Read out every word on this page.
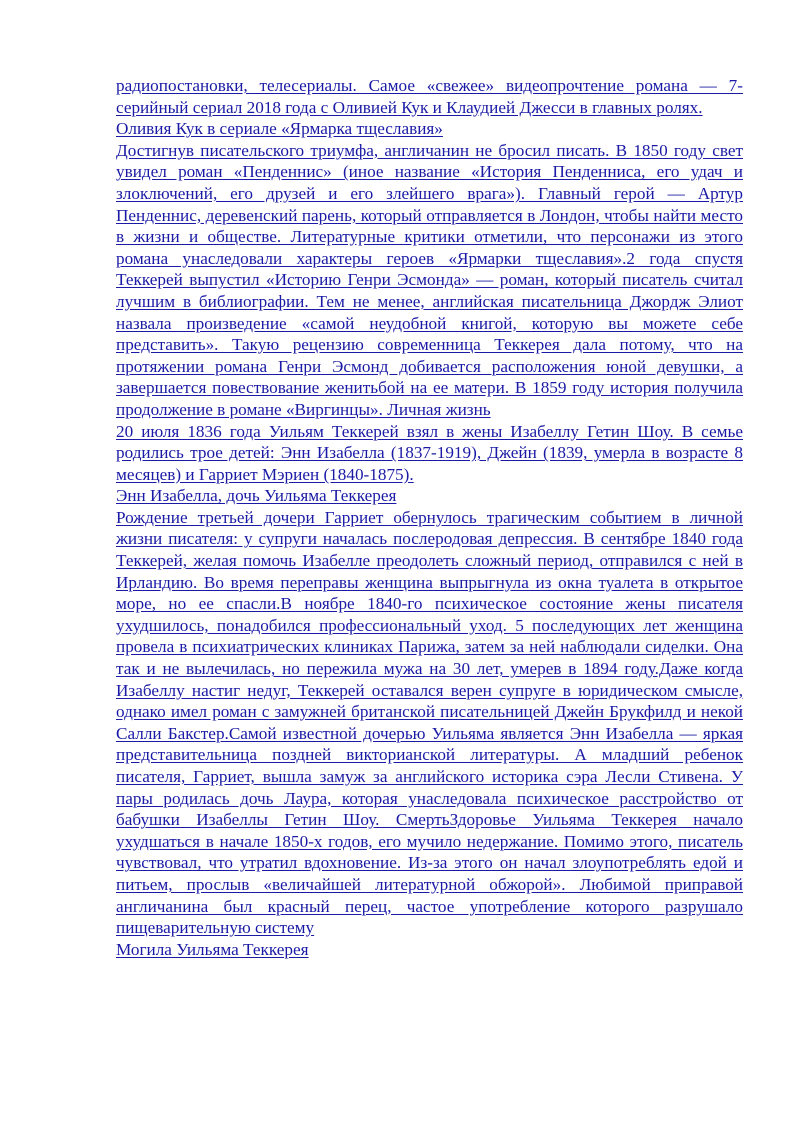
радиопостановки, телесериалы. Самое «свежее» видеопрочтение романа — 7-серийный сериал 2018 года с Оливией Кук и Клаудией Джесси в главных ролях.

Оливия Кук в сериале «Ярмарка тщеславия»

Достигнув писательского триумфа, англичанин не бросил писать. В 1850 году свет увидел роман «Пенденнис» (иное название «История Пенденниса, его удач и злоключений, его друзей и его злейшего врага»). Главный герой — Артур Пенденнис, деревенский парень, который отправляется в Лондон, чтобы найти место в жизни и обществе. Литературные критики отметили, что персонажи из этого романа унаследовали характеры героев «Ярмарки тщеславия».2 года спустя Теккерей выпустил «Историю Генри Эсмонда» — роман, который писатель считал лучшим в библиографии. Тем не менее, английская писательница Джордж Элиот назвала произведение «самой неудобной книгой, которую вы можете себе представить». Такую рецензию современница Теккерея дала потому, что на протяжении романа Генри Эсмонд добивается расположения юной девушки, а завершается повествование женитьбой на ее матери. В 1859 году история получила продолжение в романе «Виргинцы». Личная жизнь

20 июля 1836 года Уильям Теккерей взял в жены Изабеллу Гетин Шоу. В семье родились трое детей: Энн Изабелла (1837-1919), Джейн (1839, умерла в возрасте 8 месяцев) и Гарриет Мэриен (1840-1875).

Энн Изабелла, дочь Уильяма Теккерея

Рождение третьей дочери Гарриет обернулось трагическим событием в личной жизни писателя: у супруги началась послеродовая депрессия. В сентябре 1840 года Теккерей, желая помочь Изабелле преодолеть сложный период, отправился с ней в Ирландию. Во время переправы женщина выпрыгнула из окна туалета в открытое море, но ее спасли.В ноябре 1840-го психическое состояние жены писателя ухудшилось, понадобился профессиональный уход. 5 последующих лет женщина провела в психиатрических клиниках Парижа, затем за ней наблюдали сиделки. Она так и не вылечилась, но пережила мужа на 30 лет, умерев в 1894 году.Даже когда Изабеллу настиг недуг, Теккерей оставался верен супруге в юридическом смысле, однако имел роман с замужней британской писательницей Джейн Брукфилд и некой Салли Бакстер.Самой известной дочерью Уильяма является Энн Изабелла — яркая представительница поздней викторианской литературы. А младший ребенок писателя, Гарриет, вышла замуж за английского историка сэра Лесли Стивена. У пары родилась дочь Лаура, которая унаследовала психическое расстройство от бабушки Изабеллы Гетин Шоу. СмертьЗдоровье Уильяма Теккерея начало ухудшаться в начале 1850-х годов, его мучило недержание. Помимо этого, писатель чувствовал, что утратил вдохновение. Из-за этого он начал злоупотреблять едой и питьем, прослыв «величайшей литературной обжорой». Любимой приправой англичанина был красный перец, частое употребление которого разрушало пищеварительную систему

Могила Уильяма Теккерея
